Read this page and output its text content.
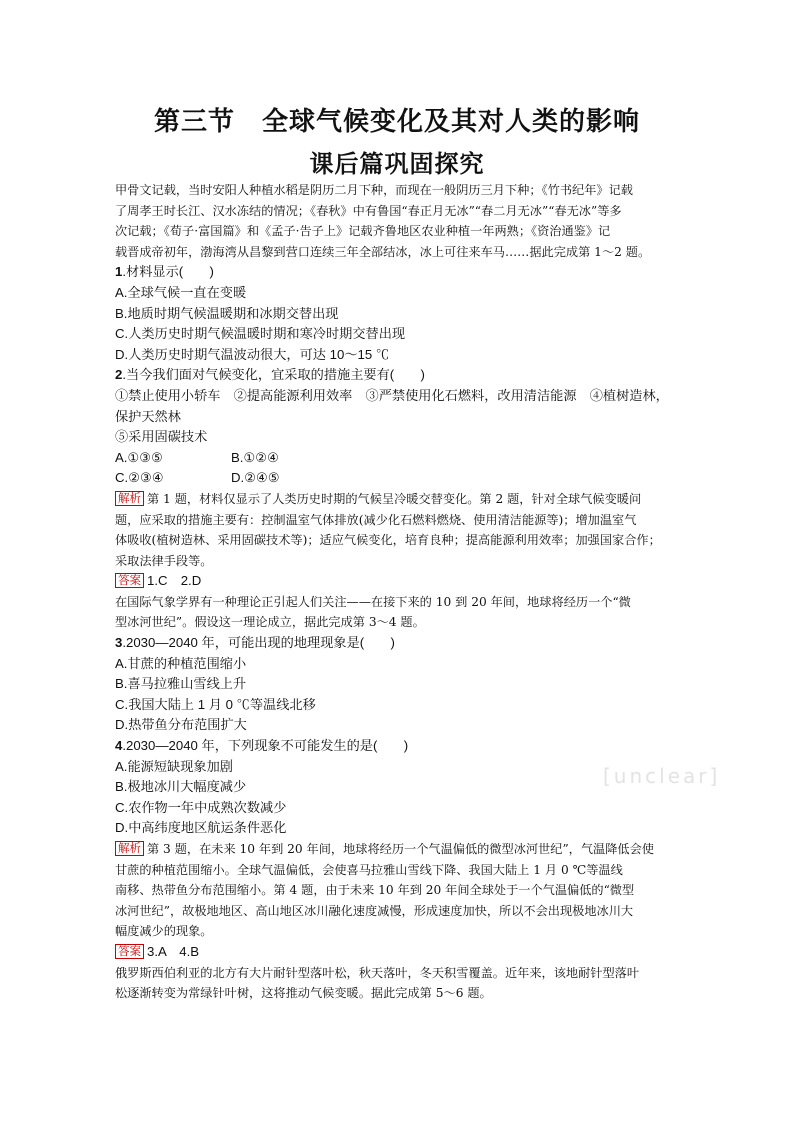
第三节　全球气候变化及其对人类的影响
课后篇巩固探究
甲骨文记载，当时安阳人种植水稻是阴历二月下种，而现在一般阴历三月下种；《竹书纪年》记载
了周孝王时长江、汉水冻结的情况；《春秋》中有鲁国“春正月无冰”“春二月无冰”“春无冰”等多
次记载；《荀子·富国篇》和《孟子·告子上》记载齐鲁地区农业种植一年两熟；《资治通鉴》记
载晋成帝初年，渤海湾从昌黎到营口连续三年全部结冰，冰上可往来车马……据此完成第 1～2 题。
1.材料显示(　　)
A.全球气候一直在变暖
B.地质时期气候温暖期和冰期交替出现
C.人类历史时期气候温暖时期和寒冷时期交替出现
D.人类历史时期气温波动很大，可达 10～15 ℃
2.当今我们面对气候变化，宜采取的措施主要有(　　)
①禁止使用小轿车　②提高能源利用效率　③严禁使用化石燃料，改用清洁能源　④植树造林，
保护天然林
⑤采用固碳技术
A.①③⑤	B.①②④
C.②③④	D.②④⑤
解析 第 1 题，材料仅显示了人类历史时期的气候呈冷暖交替变化。第 2 题，针对全球气候变暖问
题，应采取的措施主要有：控制温室气体排放(减少化石燃料燃烧、使用清洁能源等)；增加温室气
体吸收(植树造林、采用固碳技术等)；适应气候变化，培育良种；提高能源利用效率；加强国家合作；
采取法律手段等。
答案 1.C　2.D
在国际气象学界有一种理论正引起人们关注——在接下来的 10 到 20 年间，地球将经历一个“微
型冰河世纪”。假设这一理论成立，据此完成第 3～4 题。
3.2030—2040 年，可能出现的地理现象是(　　)
A.甘蔗的种植范围缩小
B.喜马拉雅山雪线上升
C.我国大陆上 1 月 0 ℃等温线北移
D.热带鱼分布范围扩大
4.2030—2040 年，下列现象不可能发生的是(　　)
A.能源短缺现象加剧
B.极地冰川大幅度减少
C.农作物一年中成熟次数减少
D.中高纬度地区航运条件恶化
解析 第 3 题，在未来 10 年到 20 年间，地球将经历一个气温偏低的微型冰河世纪”，气温降低会使
甘蔗的种植范围缩小。全球气温偏低，会使喜马拉雅山雪线下降、我国大陆上 1 月 0 ℃等温线
南移、热带鱼分布范围缩小。第 4 题，由于未来 10 年到 20 年间全球处于一个气温偏低的“微型
冰河世纪”，故极地地区、高山地区冰川融化速度减慢，形成速度加快，所以不会出现极地冰川大
幅度减少的现象。
答案 3.A　4.B
俄罗斯西伯利亚的北方有大片耐针型落叶松，秋天落叶，冬天积雪覆盖。近年来，该地耐针型落叶
松逐渐转变为常绿针叶树，这将推动气候变暖。据此完成第 5～6 题。
[unclear]
